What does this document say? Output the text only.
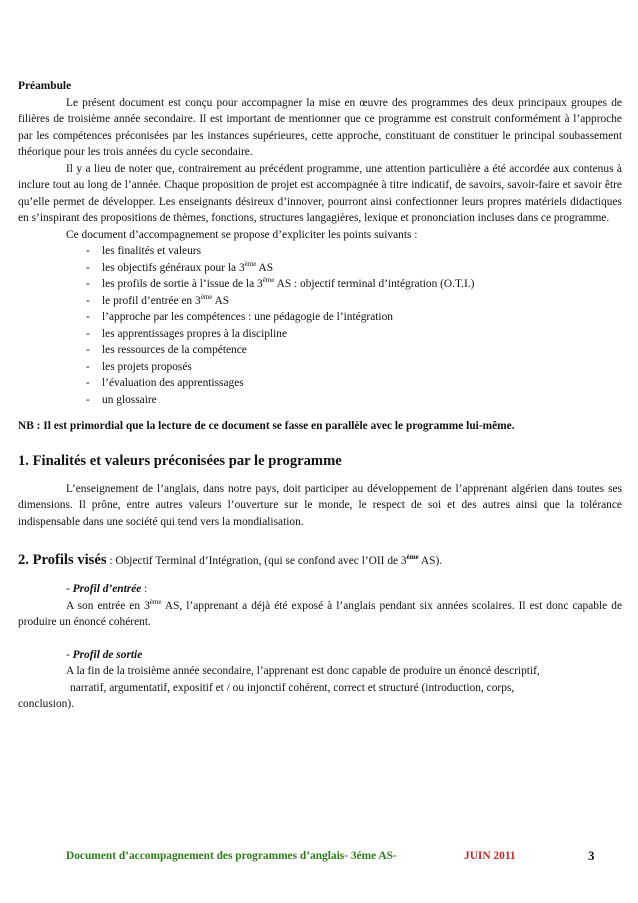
Préambule

Le présent document est conçu pour accompagner la mise en œuvre des programmes des deux principaux groupes de filières de troisième année secondaire. Il est important de mentionner que ce programme est construit conformément à l’approche par les compétences préconisées par les instances supérieures, cette approche, constituant de constituer le principal soubassement théorique pour les trois années du cycle secondaire.

Il y a lieu de noter que, contrairement au précédent programme, une attention particulière a été accordée aux contenus à inclure tout au long de l’année. Chaque proposition de projet est accompagnée à titre indicatif, de savoirs, savoir-faire et savoir être qu’elle permet de développer. Les enseignants désireux d’innover, pourront ainsi confectionner leurs propres matériels didactiques en s’inspirant des propositions de thèmes, fonctions, structures langagières, lexique et prononciation incluses dans ce programme.

Ce document d’accompagnement se propose d’expliciter les points suivants :

- les finalités et valeurs
- les objectifs généraux pour la 3ème AS
- les profils de sortie à l’issue de la 3ème AS : objectif terminal d’intégration (O.T.I.)
- le profil d’entrée en 3ème AS
- l’approche par les compétences : une pédagogie de l’intégration
- les apprentissages propres à la discipline
- les ressources de la compétence
- les projets proposés
- l’évaluation des apprentissages
- un glossaire

NB : Il est primordial que la lecture de ce document se fasse en parallèle avec le programme lui-même.

1. Finalités et valeurs préconisées par le programme

L’enseignement de l’anglais, dans notre pays, doit participer au développement de l’apprenant algérien dans toutes ses dimensions. Il prône, entre autres valeurs l’ouverture sur le monde, le respect de soi et des autres ainsi que la tolérance indispensable dans une société qui tend vers la mondialisation.

2. Profils visés : Objectif Terminal d’Intégration, (qui se confond avec l’OII de 3ème AS).

- Profil d’entrée :

A son entrée en 3ème AS, l’apprenant a déjà été exposé à l’anglais pendant six années scolaires. Il est donc capable de produire un énoncé cohérent.

- Profil de sortie

A la fin de la troisième année secondaire, l’apprenant est donc capable de produire un énoncé descriptif,

narratif, argumentatif, expositif et / ou injonctif cohérent, correct et structuré (introduction, corps,

conclusion).

Document d’accompagnement des programmes d’anglais- 3éme AS-	JUIN 2011	3
